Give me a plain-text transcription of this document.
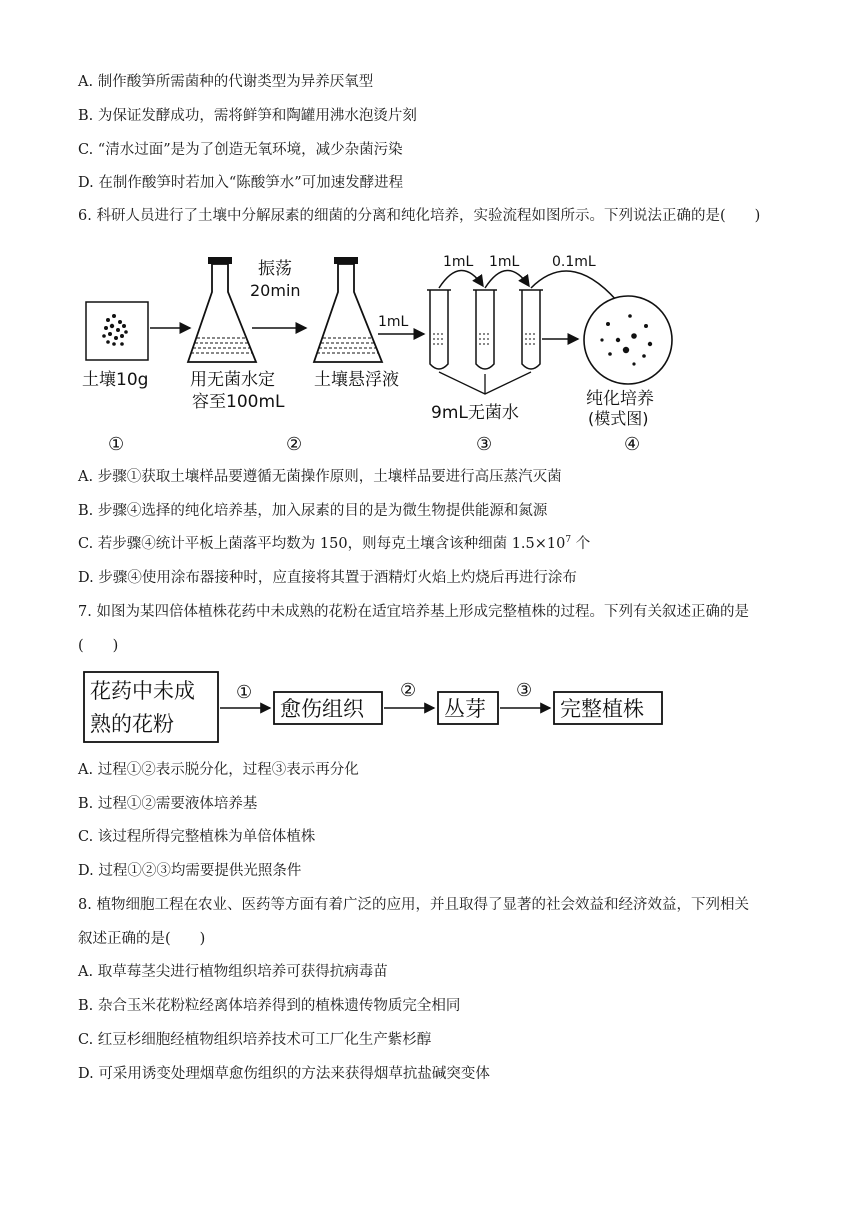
A. 制作酸笋所需菌种的代谢类型为异养厌氧型
B. 为保证发酵成功，需将鲜笋和陶罐用沸水泡烫片刻
C. “清水过面”是为了创造无氧环境，减少杂菌污染
D. 在制作酸笋时若加入“陈酸笋水”可加速发酵进程
6. 科研人员进行了土壤中分解尿素的细菌的分离和纯化培养，实验流程如图所示。下列说法正确的是(　　)
土壤10g 用无菌水定
容至100mL
振荡
20min
土壤悬浮液
1mL
1mL 1mL 0.1mL
9mL无菌水
纯化培养
(模式图)
①	②	③	④
A. 步骤①获取土壤样品要遵循无菌操作原则，土壤样品要进行高压蒸汽灭菌
B. 步骤④选择的纯化培养基，加入尿素的目的是为微生物提供能源和氮源
C. 若步骤④统计平板上菌落平均数为 150，则每克土壤含该种细菌 $1.5\times 10^7$ 个
D. 步骤④使用涂布器接种时，应直接将其置于酒精灯火焰上灼烧后再进行涂布
7. 如图为某四倍体植株花药中未成熟的花粉在适宜培养基上形成完整植株的过程。下列有关叙述正确的是
(　　)
花药中未成
熟的花粉
①
愈伤组织
②
丛芽
③
完整植株
A. 过程①②表示脱分化，过程③表示再分化
B. 过程①②需要液体培养基
C. 该过程所得完整植株为单倍体植株
D. 过程①②③均需要提供光照条件
8. 植物细胞工程在农业、医药等方面有着广泛的应用，并且取得了显著的社会效益和经济效益，下列相关
叙述正确的是(　　)
A. 取草莓茎尖进行植物组织培养可获得抗病毒苗
B. 杂合玉米花粉粒经离体培养得到的植株遗传物质完全相同
C. 红豆杉细胞经植物组织培养技术可工厂化生产紫杉醇
D. 可采用诱变处理烟草愈伤组织的方法来获得烟草抗盐碱突变体
